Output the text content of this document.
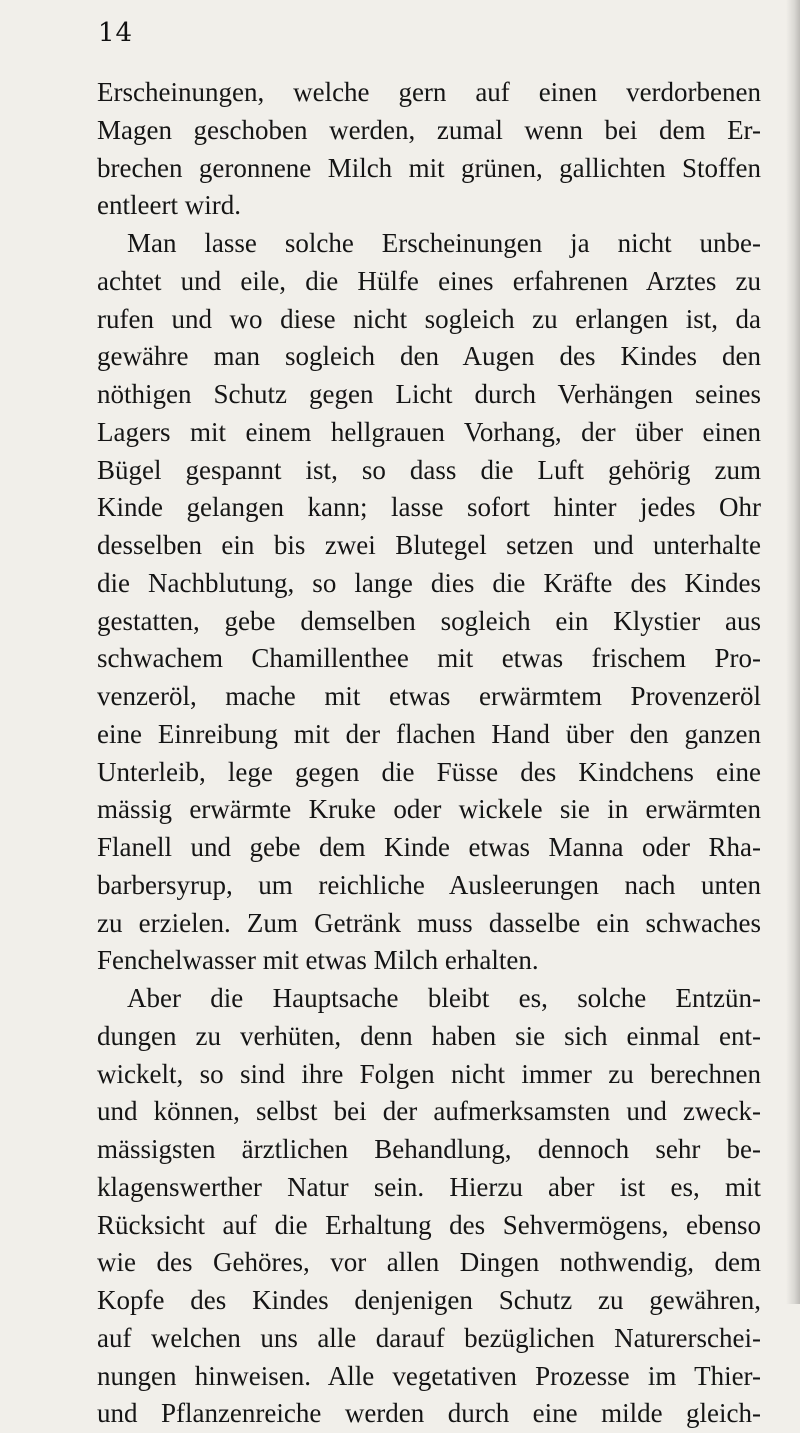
14
Erscheinungen, welche gern auf einen verdorbenen
Magen geschoben werden, zumal wenn bei dem Er-
brechen geronnene Milch mit grünen, gallichten Stoffen
entleert wird.
Man lasse solche Erscheinungen ja nicht unbe-
achtet und eile, die Hülfe eines erfahrenen Arztes zu
rufen und wo diese nicht sogleich zu erlangen ist, da
gewähre man sogleich den Augen des Kindes den
nöthigen Schutz gegen Licht durch Verhängen seines
Lagers mit einem hellgrauen Vorhang, der über einen
Bügel gespannt ist, so dass die Luft gehörig zum
Kinde gelangen kann; lasse sofort hinter jedes Ohr
desselben ein bis zwei Blutegel setzen und unterhalte
die Nachblutung, so lange dies die Kräfte des Kindes
gestatten, gebe demselben sogleich ein Klystier aus
schwachem Chamillenthee mit etwas frischem Pro-
venzeröl, mache mit etwas erwärmtem Provenzeröl
eine Einreibung mit der flachen Hand über den ganzen
Unterleib, lege gegen die Füsse des Kindchens eine
mässig erwärmte Kruke oder wickele sie in erwärmten
Flanell und gebe dem Kinde etwas Manna oder Rha-
barbersyrup, um reichliche Ausleerungen nach unten
zu erzielen. Zum Getränk muss dasselbe ein schwaches
Fenchelwasser mit etwas Milch erhalten.
Aber die Hauptsache bleibt es, solche Entzün-
dungen zu verhüten, denn haben sie sich einmal ent-
wickelt, so sind ihre Folgen nicht immer zu berechnen
und können, selbst bei der aufmerksamsten und zweck-
mässigsten ärztlichen Behandlung, dennoch sehr be-
klagenswerther Natur sein. Hierzu aber ist es, mit
Rücksicht auf die Erhaltung des Sehvermögens, ebenso
wie des Gehöres, vor allen Dingen nothwendig, dem
Kopfe des Kindes denjenigen Schutz zu gewähren,
auf welchen uns alle darauf bezüglichen Naturerschei-
nungen hinweisen. Alle vegetativen Prozesse im Thier-
und Pflanzenreiche werden durch eine milde gleich-
